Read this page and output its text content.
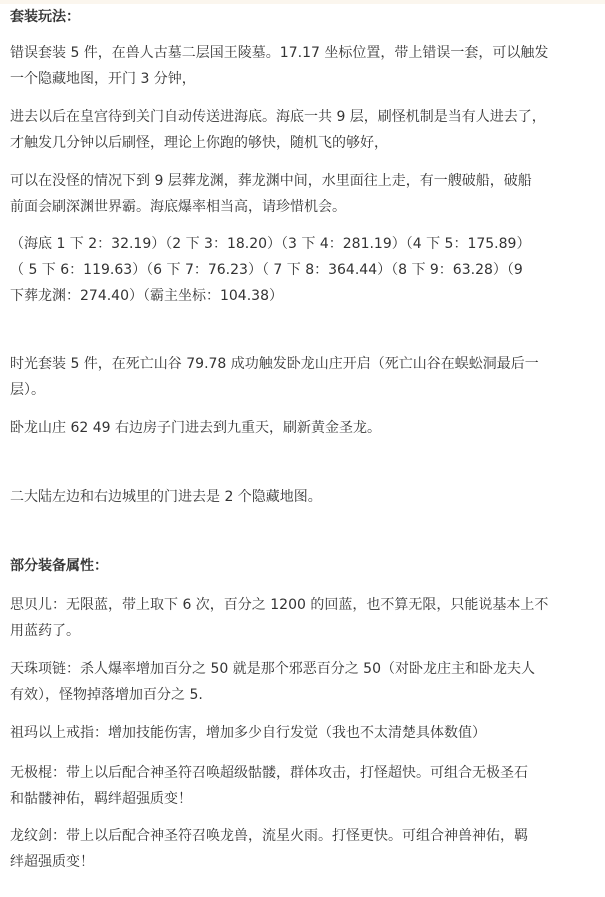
套装玩法：
错误套装 5 件，在兽人古墓二层国王陵墓。17.17 坐标位置，带上错误一套，可以触发
一个隐藏地图，开门 3 分钟，
进去以后在皇宫待到关门自动传送进海底。海底一共 9 层，刷怪机制是当有人进去了，
才触发几分钟以后刷怪，理论上你跑的够快，随机飞的够好，
可以在没怪的情况下到 9 层葬龙渊，葬龙渊中间，水里面往上走，有一艘破船，破船
前面会刷深渊世界霸。海底爆率相当高，请珍惜机会。
（海底 1 下 2：32.19）（2 下 3：18.20）（3 下 4：281.19）（4 下 5：175.89）
（ 5 下 6：119.63）（6 下 7：76.23）（ 7 下 8：364.44）（8 下 9：63.28）（9
下葬龙渊：274.40）（霸主坐标：104.38）
时光套装 5 件，在死亡山谷 79.78 成功触发卧龙山庄开启（死亡山谷在蜈蚣洞最后一
层）。
卧龙山庄 62 49 右边房子门进去到九重天，刷新黄金圣龙。
二大陆左边和右边城里的门进去是 2 个隐藏地图。
部分装备属性：
思贝儿：无限蓝，带上取下 6 次，百分之 1200 的回蓝，也不算无限，只能说基本上不
用蓝药了。
天珠项链：杀人爆率增加百分之 50 就是那个邪恶百分之 50（对卧龙庄主和卧龙夫人
有效），怪物掉落增加百分之 5.
祖玛以上戒指：增加技能伤害，增加多少自行发觉（我也不太清楚具体数值）
无极棍：带上以后配合神圣符召唤超级骷髅，群体攻击，打怪超快。可组合无极圣石
和骷髅神佑，羁绊超强质变！
龙纹剑：带上以后配合神圣符召唤龙兽，流星火雨。打怪更快。可组合神兽神佑，羁
绊超强质变！
